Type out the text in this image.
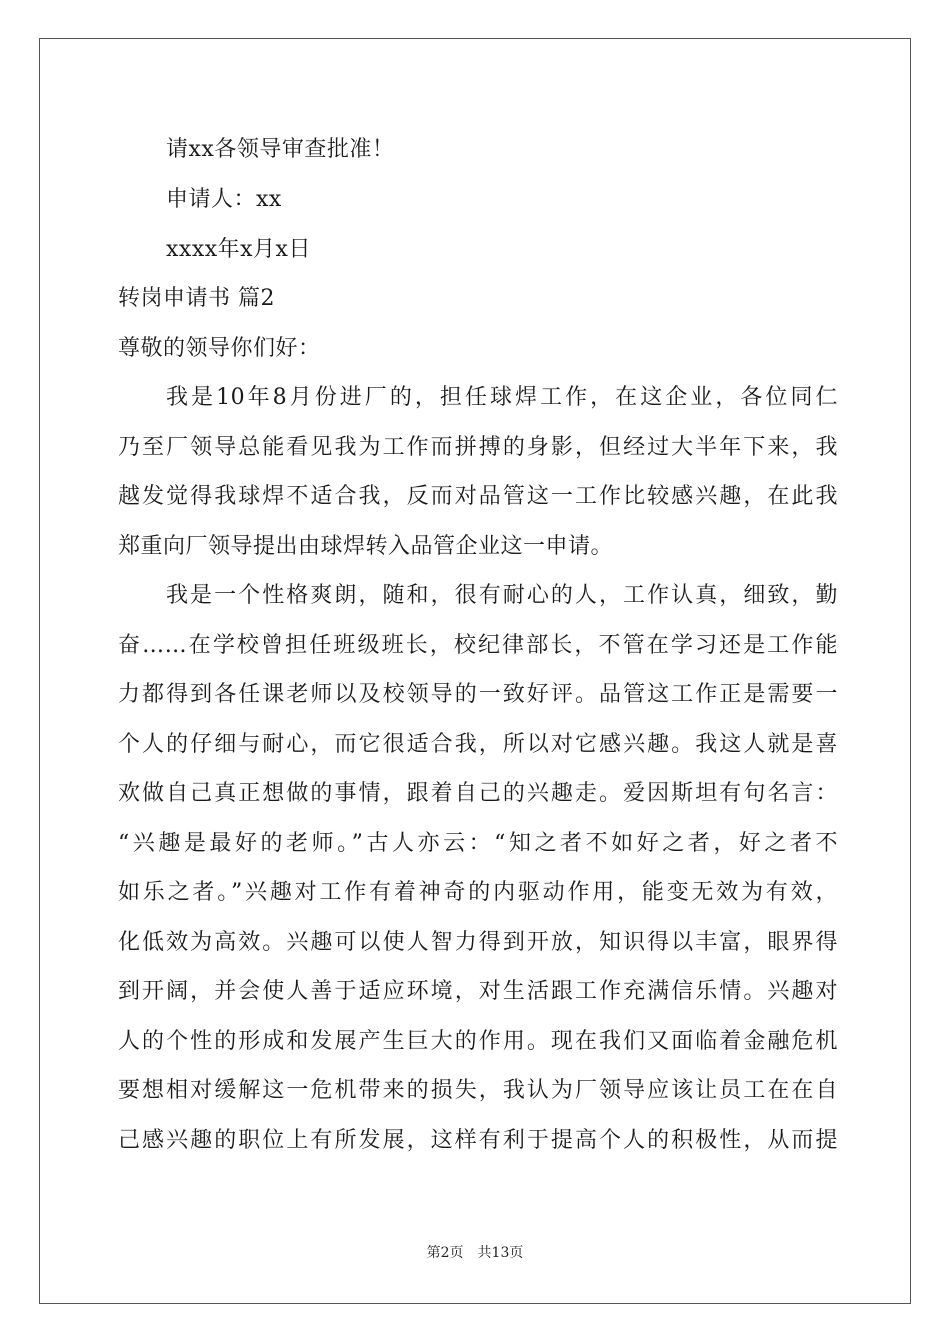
请xx各领导审查批准！
申请人：xx
xxxx年x月x日
转岗申请书 篇2
尊敬的领导你们好：
我是10年8月份进厂的，担任球焊工作，在这企业，各位同仁
乃至厂领导总能看见我为工作而拼搏的身影，但经过大半年下来，我
越发觉得我球焊不适合我，反而对品管这一工作比较感兴趣，在此我
郑重向厂领导提出由球焊转入品管企业这一申请。
我是一个性格爽朗，随和，很有耐心的人，工作认真，细致，勤
奋……在学校曾担任班级班长，校纪律部长，不管在学习还是工作能
力都得到各任课老师以及校领导的一致好评。品管这工作正是需要一
个人的仔细与耐心，而它很适合我，所以对它感兴趣。我这人就是喜
欢做自己真正想做的事情，跟着自己的兴趣走。爱因斯坦有句名言：
“兴趣是最好的老师。”古人亦云：“知之者不如好之者，好之者不
如乐之者。”兴趣对工作有着神奇的内驱动作用，能变无效为有效，
化低效为高效。兴趣可以使人智力得到开放，知识得以丰富，眼界得
到开阔，并会使人善于适应环境，对生活跟工作充满信乐情。兴趣对
人的个性的形成和发展产生巨大的作用。现在我们又面临着金融危机
要想相对缓解这一危机带来的损失，我认为厂领导应该让员工在在自
己感兴趣的职位上有所发展，这样有利于提高个人的积极性，从而提
第2页　共13页
